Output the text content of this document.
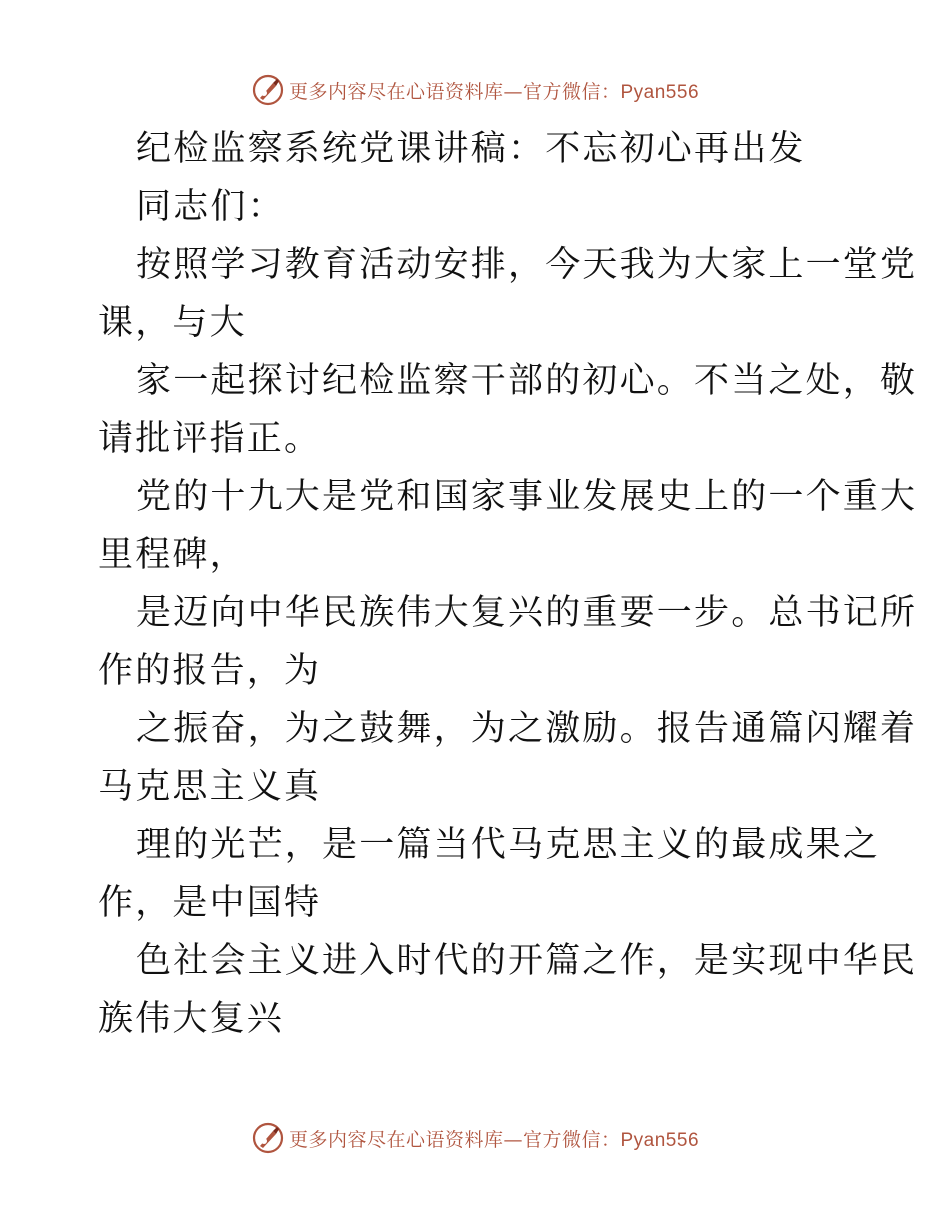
更多内容尽在心语资料库—官方微信：Pyan556

纪检监察系统党课讲稿：不忘初心再出发

同志们：

按照学习教育活动安排，今天我为大家上一堂党

课，与大

家一起探讨纪检监察干部的初心。不当之处，敬

请批评指正。

党的十九大是党和国家事业发展史上的一个重大

里程碑，

是迈向中华民族伟大复兴的重要一步。总书记所

作的报告，为

之振奋，为之鼓舞，为之激励。报告通篇闪耀着

马克思主义真

理的光芒，是一篇当代马克思主义的最成果之

作，是中国特

色社会主义进入时代的开篇之作，是实现中华民

族伟大复兴

更多内容尽在心语资料库—官方微信：Pyan556
